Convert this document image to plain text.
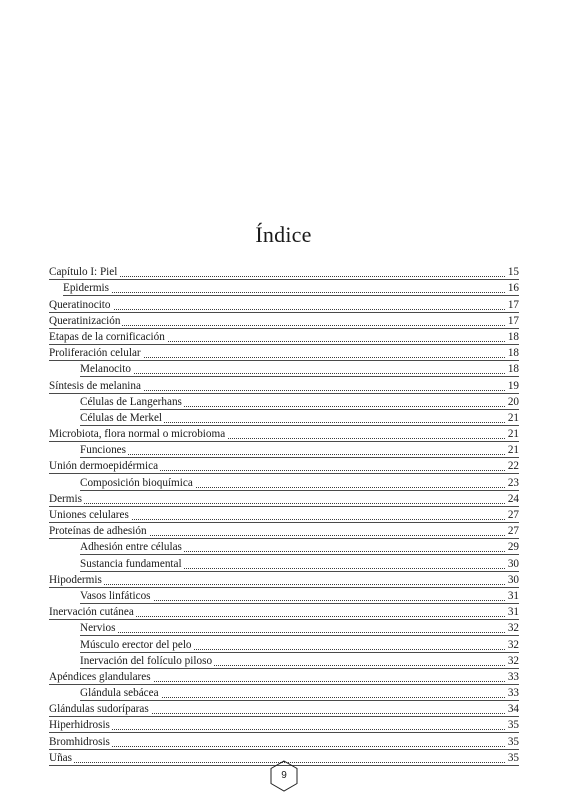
Índice
Capítulo I: Piel	15
Epidermis	16
Queratinocito	17
Queratinización	17
Etapas de la cornificación	18
Proliferación celular	18
Melanocito	18
Síntesis de melanina	19
Células de Langerhans	20
Células de Merkel	21
Microbiota, flora normal o microbioma	21
Funciones	21
Unión dermoepidérmica	22
Composición bioquímica	23
Dermis	24
Uniones celulares	27
Proteínas de adhesión	27
Adhesión entre células	29
Sustancia fundamental	30
Hipodermis	30
Vasos linfáticos	31
Inervación cutánea	31
Nervios	32
Músculo erector del pelo	32
Inervación del folículo piloso	32
Apéndices glandulares	33
Glándula sebácea	33
Glándulas sudoríparas	34
Hiperhidrosis	35
Bromhidrosis	35
Uñas	35
9
